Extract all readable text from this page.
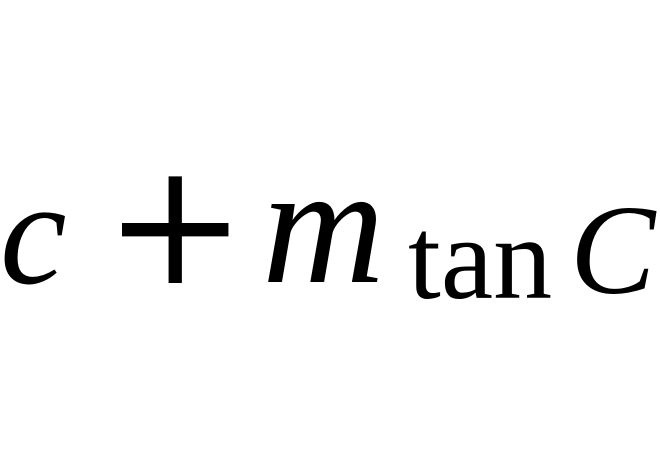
c + m tan C
